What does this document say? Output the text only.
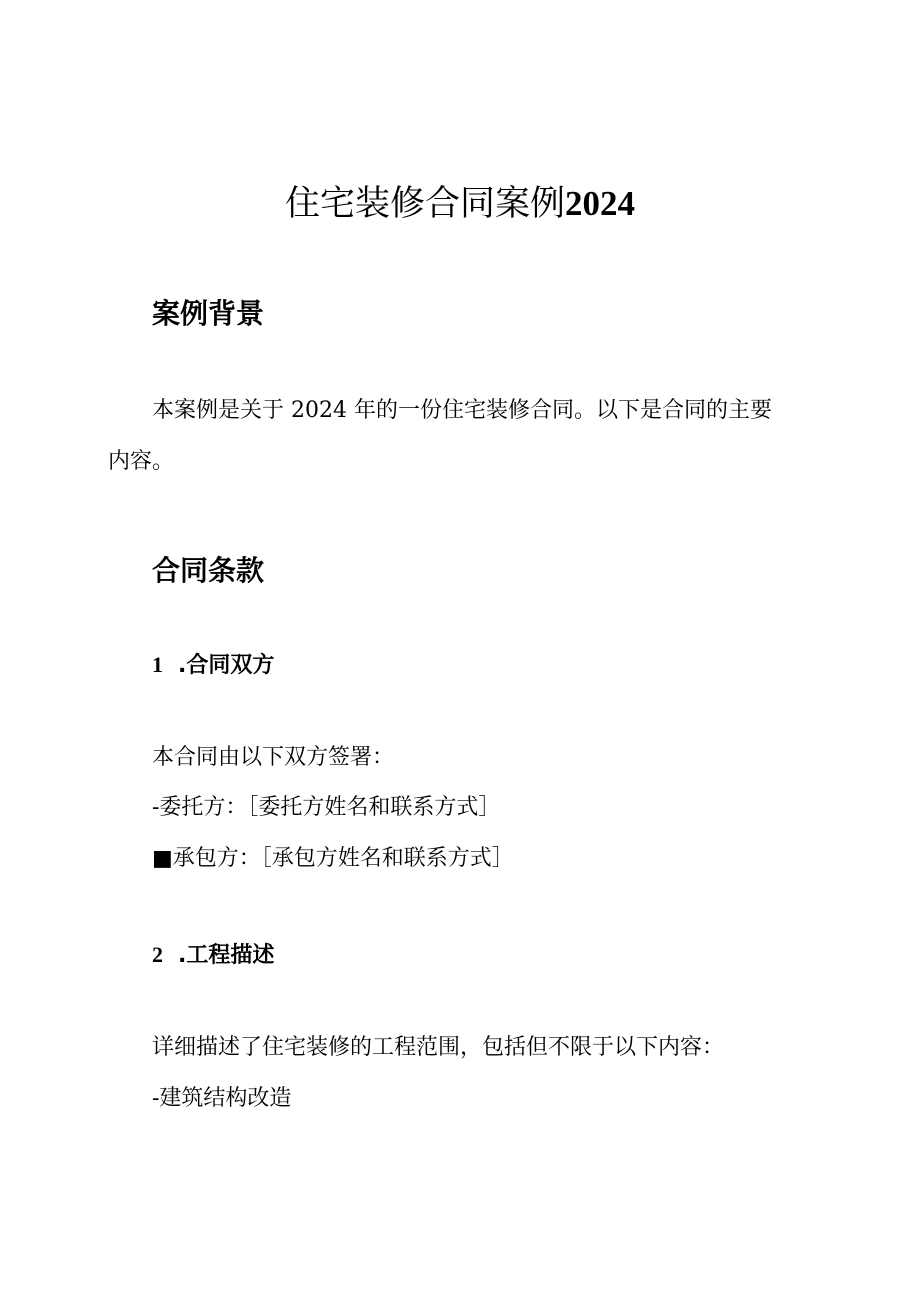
住宅装修合同案例2024
案例背景

本案例是关于 2024 年的一份住宅装修合同。以下是合同的主要

内容。

合同条款
1 .合同双方

本合同由以下双方签署：

-委托方：［委托方姓名和联系方式］

■承包方：［承包方姓名和联系方式］

2 .工程描述

详细描述了住宅装修的工程范围，包括但不限于以下内容：

-建筑结构改造
